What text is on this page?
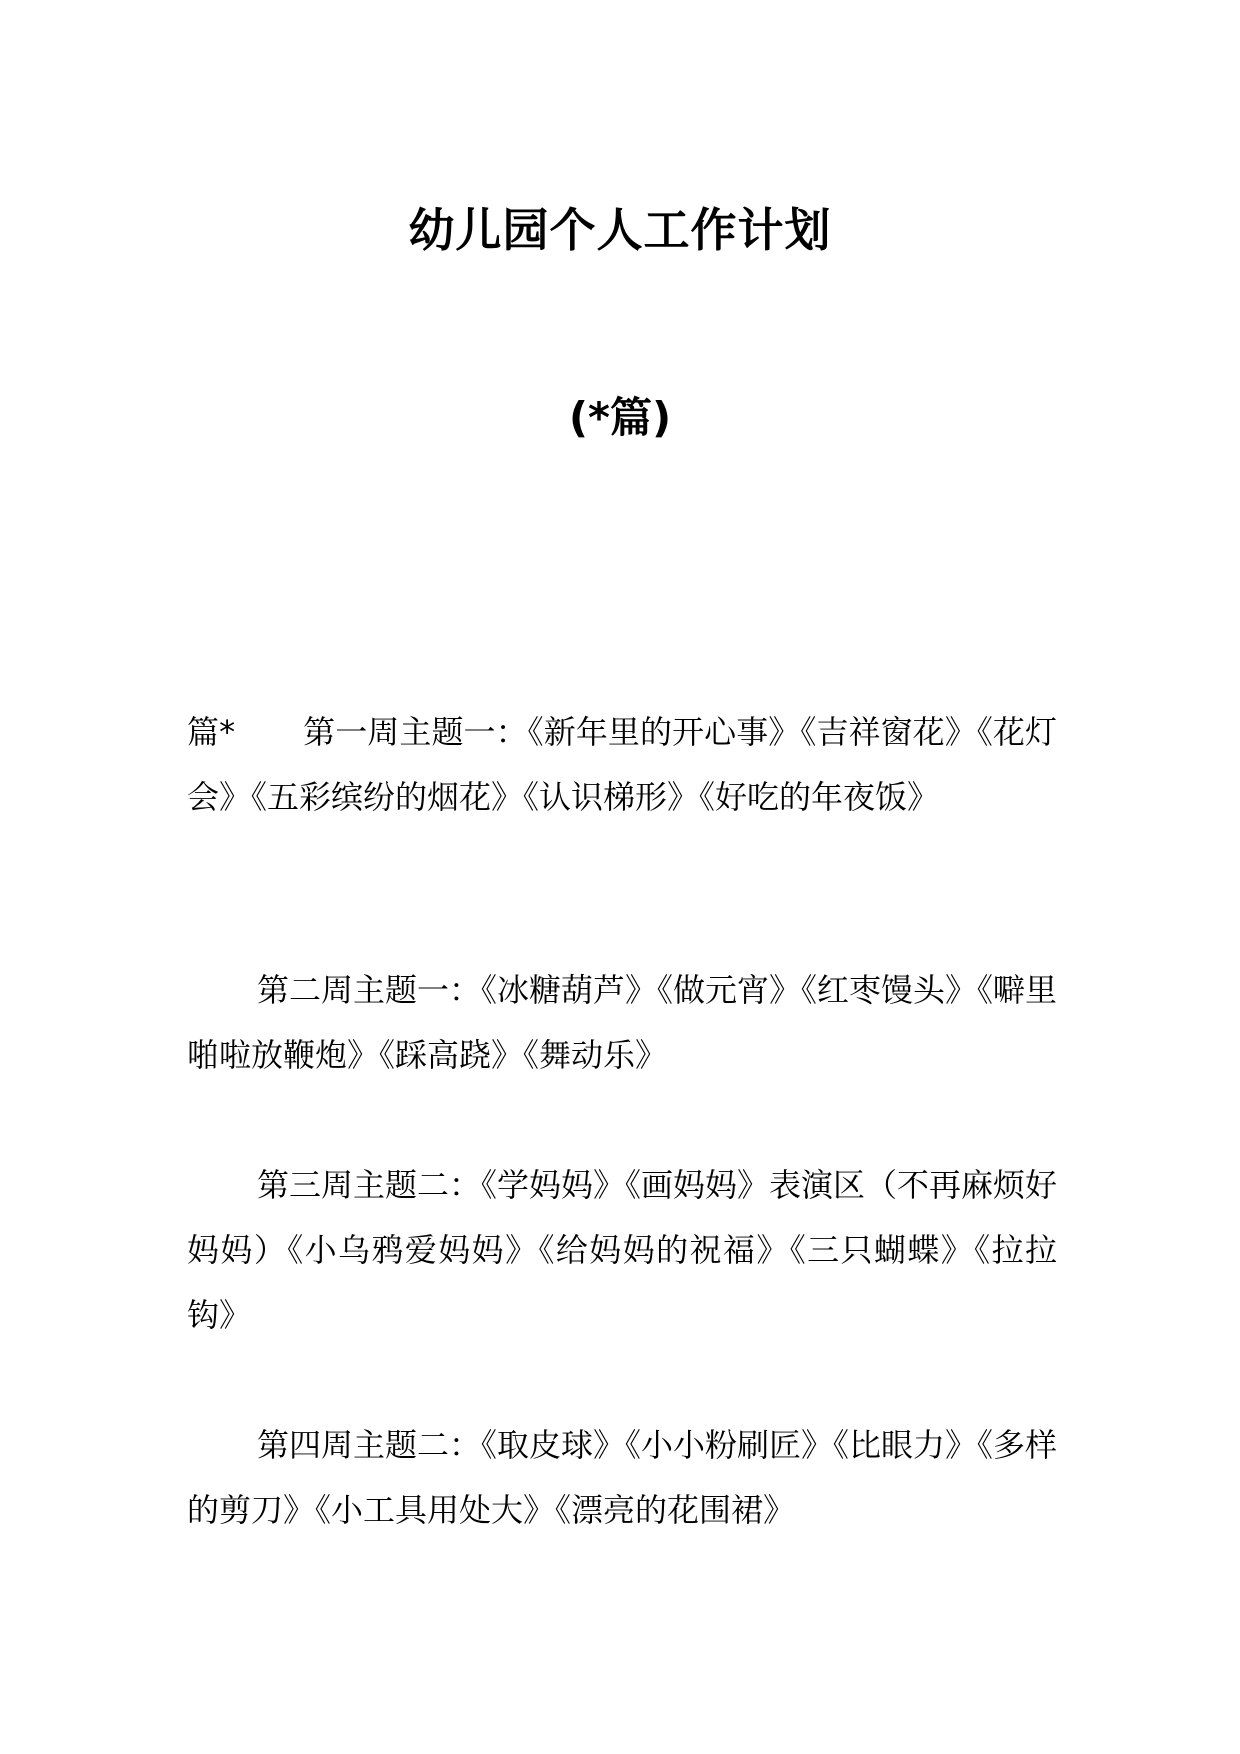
幼儿园个人工作计划
(*篇)
篇* 第一周主题一：《新年里的开心事》《吉祥窗花》《花灯会》《五彩缤纷的烟花》《认识梯形》《好吃的年夜饭》
第二周主题一：《冰糖葫芦》《做元宵》《红枣馒头》《噼里啪啦放鞭炮》《踩高跷》《舞动乐》
第三周主题二：《学妈妈》《画妈妈》表演区（不再麻烦好妈妈）《小乌鸦爱妈妈》《给妈妈的祝福》《三只蝴蝶》《拉拉钩》
第四周主题二：《取皮球》《小小粉刷匠》《比眼力》《多样的剪刀》《小工具用处大》《漂亮的花围裙》
